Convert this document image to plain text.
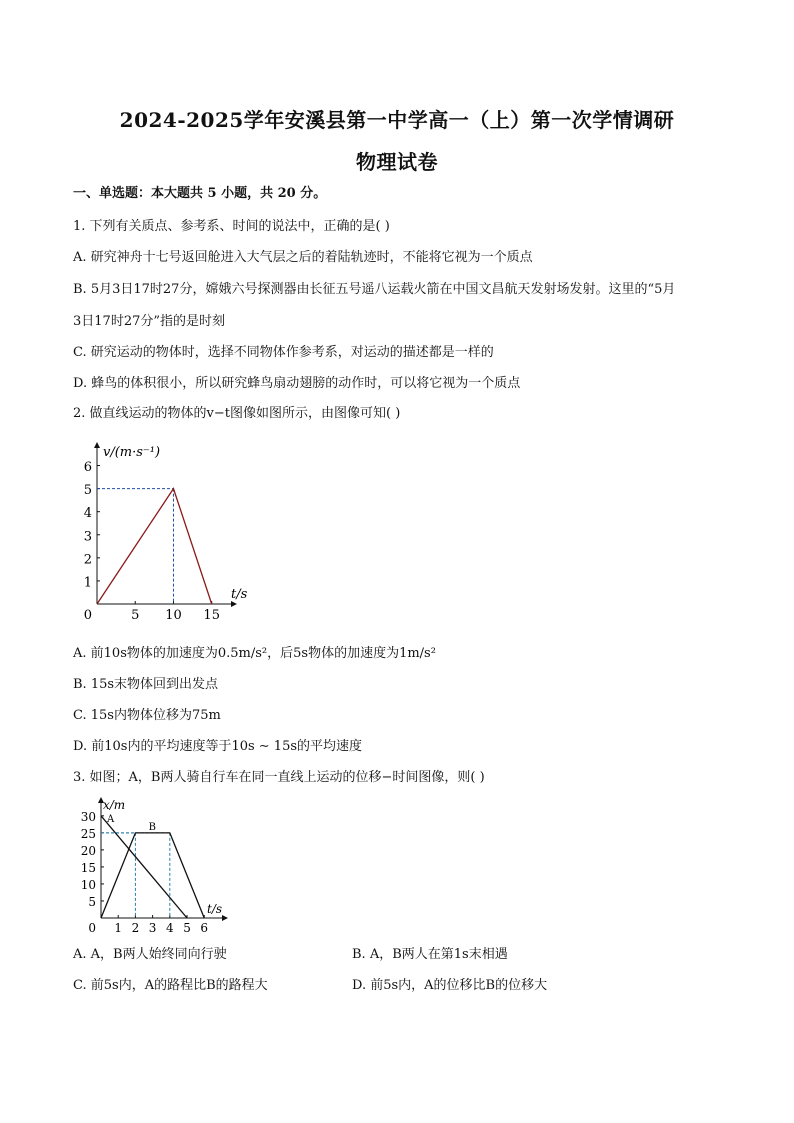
2024-2025学年安溪县第一中学高一（上）第一次学情调研
物理试卷
一、单选题：本大题共 5 小题，共 20 分。
1. 下列有关质点、参考系、时间的说法中，正确的是( )
A. 研究神舟十七号返回舱进入大气层之后的着陆轨迹时，不能将它视为一个质点
B. 5月3日17时27分，嫦娥六号探测器由长征五号遥八运载火箭在中国文昌航天发射场发射。这里的“5月
3日17时27分”指的是时刻
C. 研究运动的物体时，选择不同物体作参考系，对运动的描述都是一样的
D. 蜂鸟的体积很小，所以研究蜂鸟扇动翅膀的动作时，可以将它视为一个质点
2. 做直线运动的物体的v−t图像如图所示，由图像可知( )
5 10 15
1
2
3
4
5
6
0
t/s
v/(m·s⁻¹)
A. 前10s物体的加速度为0.5m/s²，后5s物体的加速度为1m/s²
B. 15s末物体回到出发点
C. 15s内物体位移为75m
D. 前10s内的平均速度等于10s ∼ 15s的平均速度
3. 如图；A，B两人骑自行车在同一直线上运动的位移−时间图像，则( )
1 2 3 4 5 6
5
10
15
20
25
30
0
t/s
x/m
A
B
A. A，B两人始终同向行驶	B. A，B两人在第1s末相遇
C. 前5s内，A的路程比B的路程大	D. 前5s内，A的位移比B的位移大
